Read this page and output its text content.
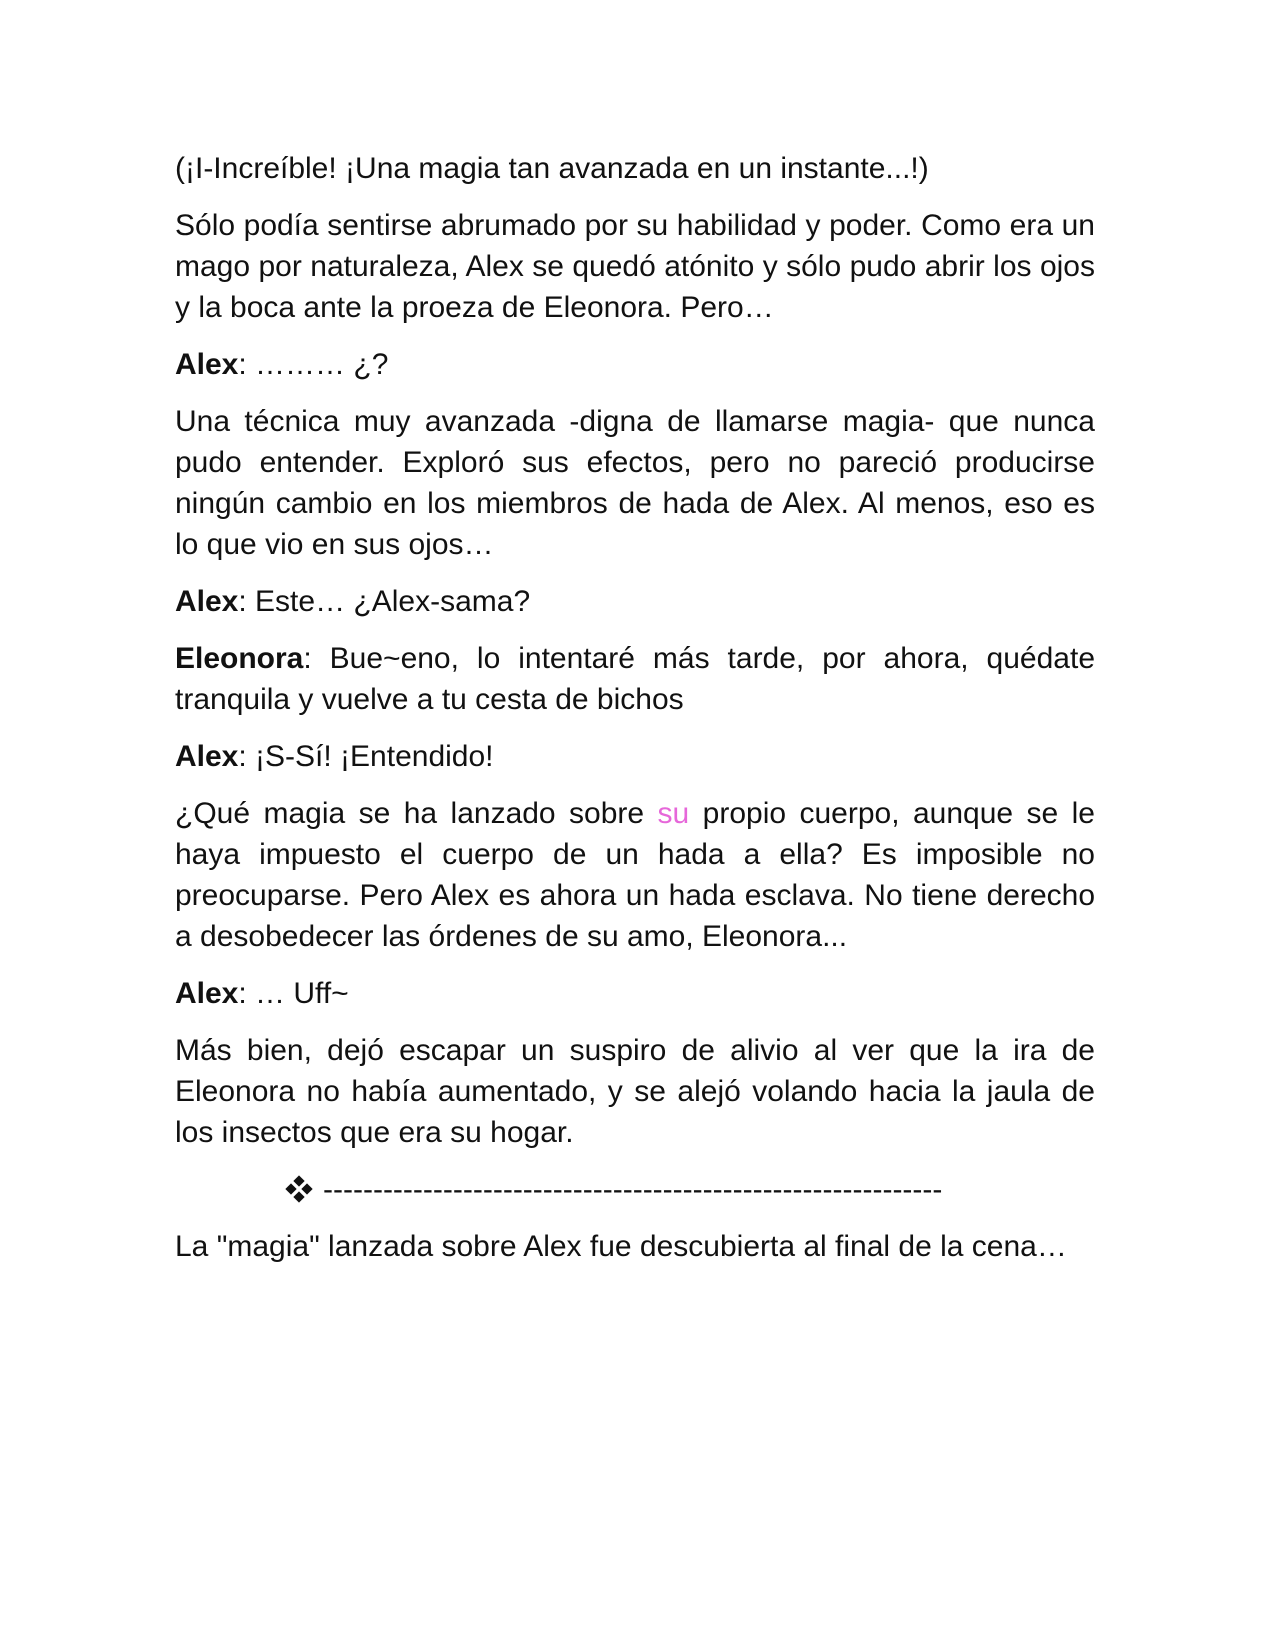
(¡I-Increíble! ¡Una magia tan avanzada en un instante...!)

Sólo podía sentirse abrumado por su habilidad y poder. Como era un mago por naturaleza, Alex se quedó atónito y sólo pudo abrir los ojos y la boca ante la proeza de Eleonora. Pero…

Alex: ……… ¿?

Una técnica muy avanzada -digna de llamarse magia- que nunca pudo entender. Exploró sus efectos, pero no pareció producirse ningún cambio en los miembros de hada de Alex. Al menos, eso es lo que vio en sus ojos…

Alex: Este… ¿Alex-sama?

Eleonora: Bue~eno, lo intentaré más tarde, por ahora, quédate tranquila y vuelve a tu cesta de bichos

Alex: ¡S-Sí! ¡Entendido!

¿Qué magia se ha lanzado sobre su propio cuerpo, aunque se le haya impuesto el cuerpo de un hada a ella? Es imposible no preocuparse. Pero Alex es ahora un hada esclava. No tiene derecho a desobedecer las órdenes de su amo, Eleonora...

Alex: … Uff~

Más bien, dejó escapar un suspiro de alivio al ver que la ira de Eleonora no había aumentado, y se alejó volando hacia la jaula de los insectos que era su hogar.

--------------------------------------------------------------

La "magia" lanzada sobre Alex fue descubierta al final de la cena…
